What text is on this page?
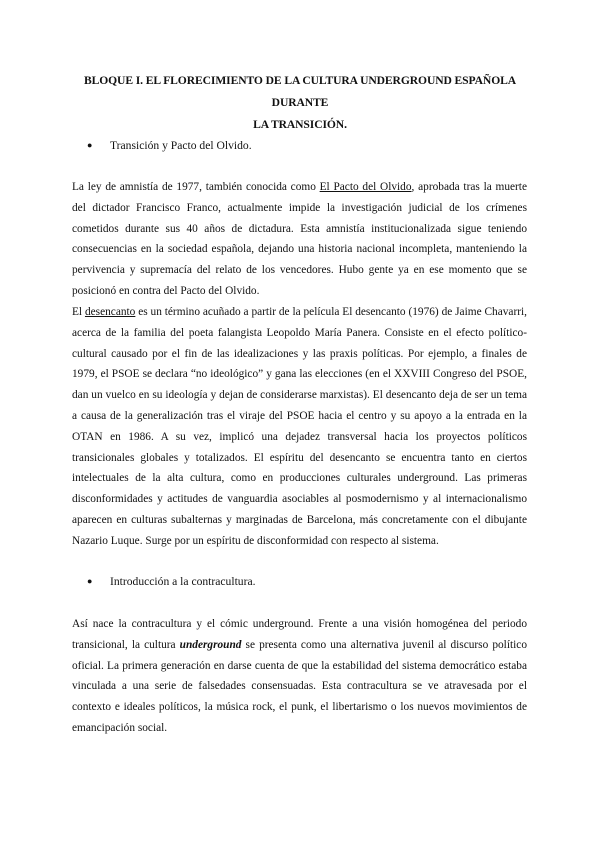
BLOQUE I. EL FLORECIMIENTO DE LA CULTURA UNDERGROUND ESPAÑOLA DURANTE
LA TRANSICIÓN.
● Transición y Pacto del Olvido.

La ley de amnistía de 1977, también conocida como El Pacto del Olvido, aprobada tras la muerte del dictador Francisco Franco, actualmente impide la investigación judicial de los crímenes cometidos durante sus 40 años de dictadura. Esta amnistía institucionalizada sigue teniendo consecuencias en la sociedad española, dejando una historia nacional incompleta, manteniendo la pervivencia y supremacía del relato de los vencedores. Hubo gente ya en ese momento que se posicionó en contra del Pacto del Olvido.

El desencanto es un término acuñado a partir de la película El desencanto (1976) de Jaime Chavarri, acerca de la familia del poeta falangista Leopoldo María Panera. Consiste en el efecto político-cultural causado por el fin de las idealizaciones y las praxis políticas. Por ejemplo, a finales de 1979, el PSOE se declara “no ideológico” y gana las elecciones (en el XXVIII Congreso del PSOE, dan un vuelco en su ideología y dejan de considerarse marxistas). El desencanto deja de ser un tema a causa de la generalización tras el viraje del PSOE hacia el centro y su apoyo a la entrada en la OTAN en 1986. A su vez, implicó una dejadez transversal hacia los proyectos políticos transicionales globales y totalizados. El espíritu del desencanto se encuentra tanto en ciertos intelectuales de la alta cultura, como en producciones culturales underground. Las primeras disconformidades y actitudes de vanguardia asociables al posmodernismo y al internacionalismo aparecen en culturas subalternas y marginadas de Barcelona, más concretamente con el dibujante Nazario Luque. Surge por un espíritu de disconformidad con respecto al sistema.

● Introducción a la contracultura.

Así nace la contracultura y el cómic underground. Frente a una visión homogénea del periodo transicional, la cultura underground se presenta como una alternativa juvenil al discurso político oficial. La primera generación en darse cuenta de que la estabilidad del sistema democrático estaba vinculada a una serie de falsedades consensuadas. Esta contracultura se ve atravesada por el contexto e ideales políticos, la música rock, el punk, el libertarismo o los nuevos movimientos de emancipación social.
